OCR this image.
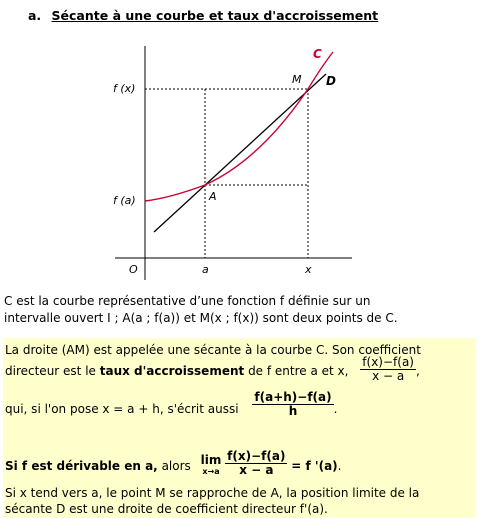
a. Sécante à une courbe et taux d'accroissement
C
D
M
A
O	a	x
f (x)
f (a)
C est la courbe représentative d’une fonction f définie sur un
intervalle ouvert I ; A(a ; f(a)) et M(x ; f(x)) sont deux points de C.
La droite (AM) est appelée une sécante à la courbe C. Son coefficient
directeur est le taux d'accroissement de f entre a et x, $\frac{f(x)-f(a)}{x - a}$ ,
qui, si l'on pose x = a + h, s'écrit aussi $\frac{f(a+h)-f(a)}{h}$ .
Si f est dérivable en a, alors lim
x→a
$\frac{f(x)-f(a)}{x - a} = f$ '(a).
Si x tend vers a, le point M se rapproche de A, la position limite de la
sécante D est une droite de coefficient directeur f'(a).
